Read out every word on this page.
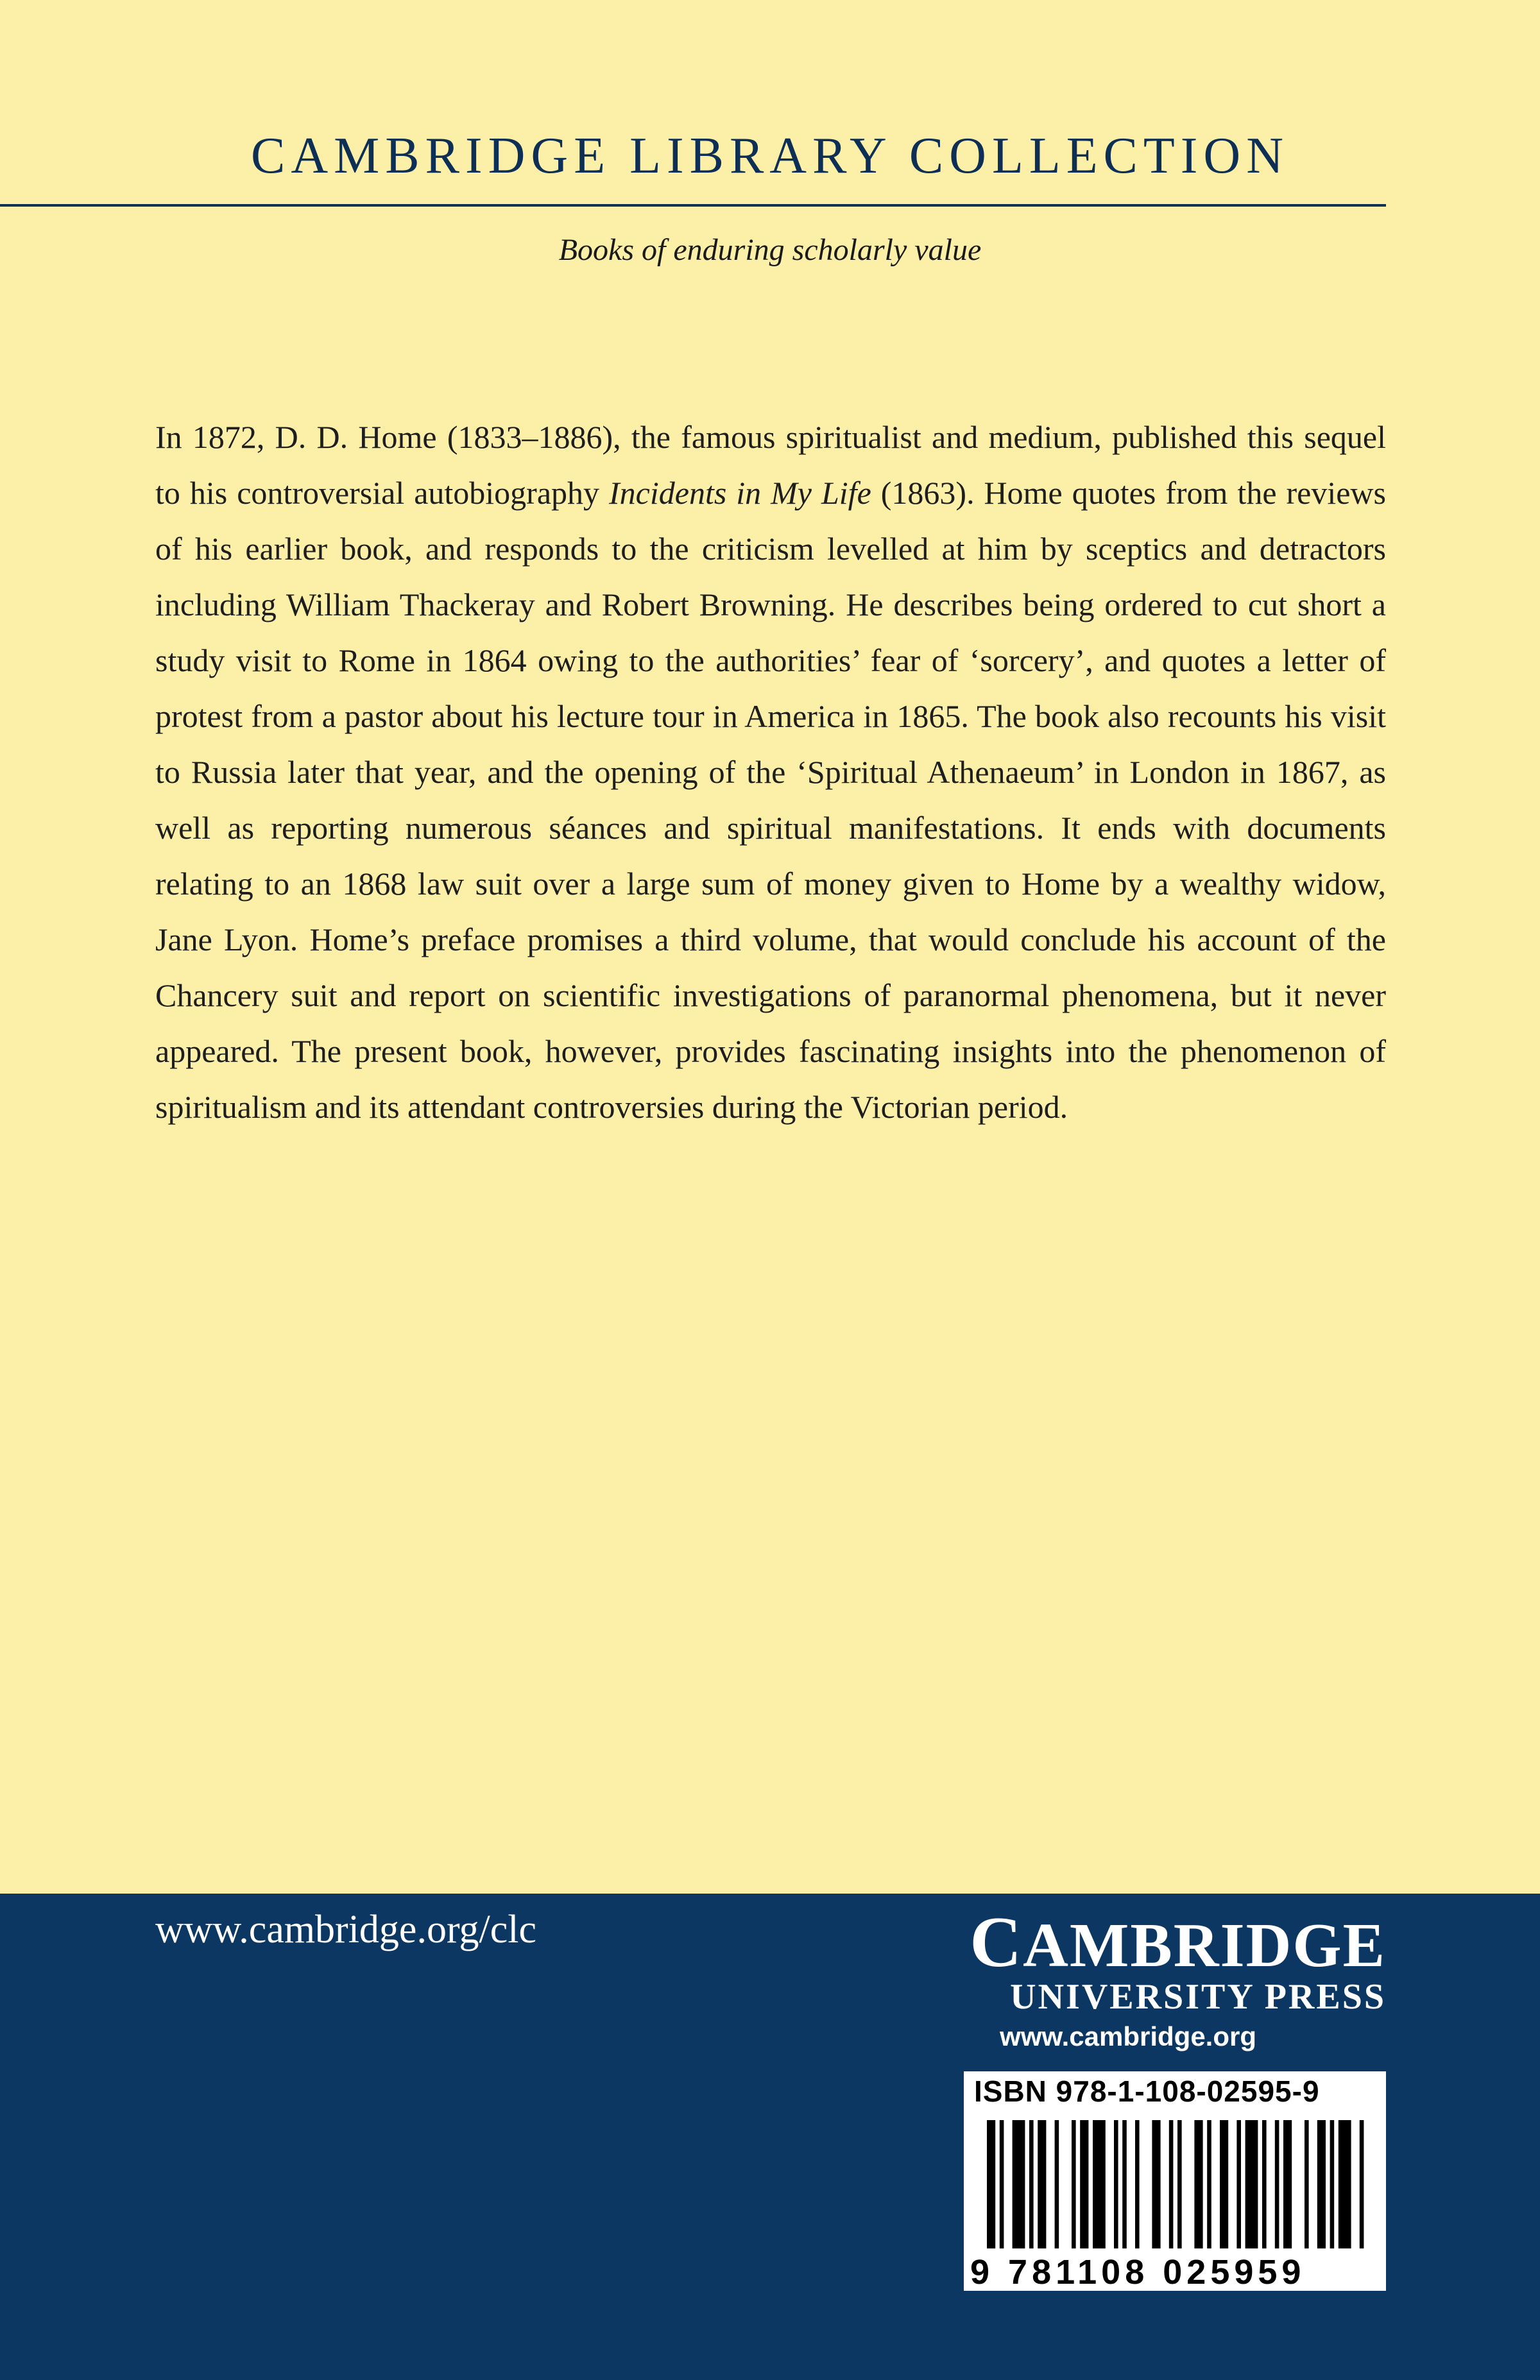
CAMBRIDGE LIBRARY COLLECTION
Books of enduring scholarly value
In 1872, D. D. Home (1833–1886), the famous spiritualist and medium, published this sequel to his controversial autobiography Incidents in My Life (1863). Home quotes from the reviews of his earlier book, and responds to the criticism levelled at him by sceptics and detractors including William Thackeray and Robert Browning. He describes being ordered to cut short a study visit to Rome in 1864 owing to the authorities’ fear of ‘sorcery’, and quotes a letter of protest from a pastor about his lecture tour in America in 1865. The book also recounts his visit to Russia later that year, and the opening of the ‘Spiritual Athenaeum’ in London in 1867, as well as reporting numerous séances and spiritual manifestations. It ends with documents relating to an 1868 law suit over a large sum of money given to Home by a wealthy widow, Jane Lyon. Home’s preface promises a third volume, that would conclude his account of the Chancery suit and report on scientific investigations of paranormal phenomena, but it never appeared. The present book, however, provides fascinating insights into the phenomenon of spiritualism and its attendant controversies during the Victorian period.
www.cambridge.org/clc	CAMBRIDGE
UNIVERSITY PRESS
www.cambridge.org
ISBN 978-1-108-02595-9
9 781108 025959
